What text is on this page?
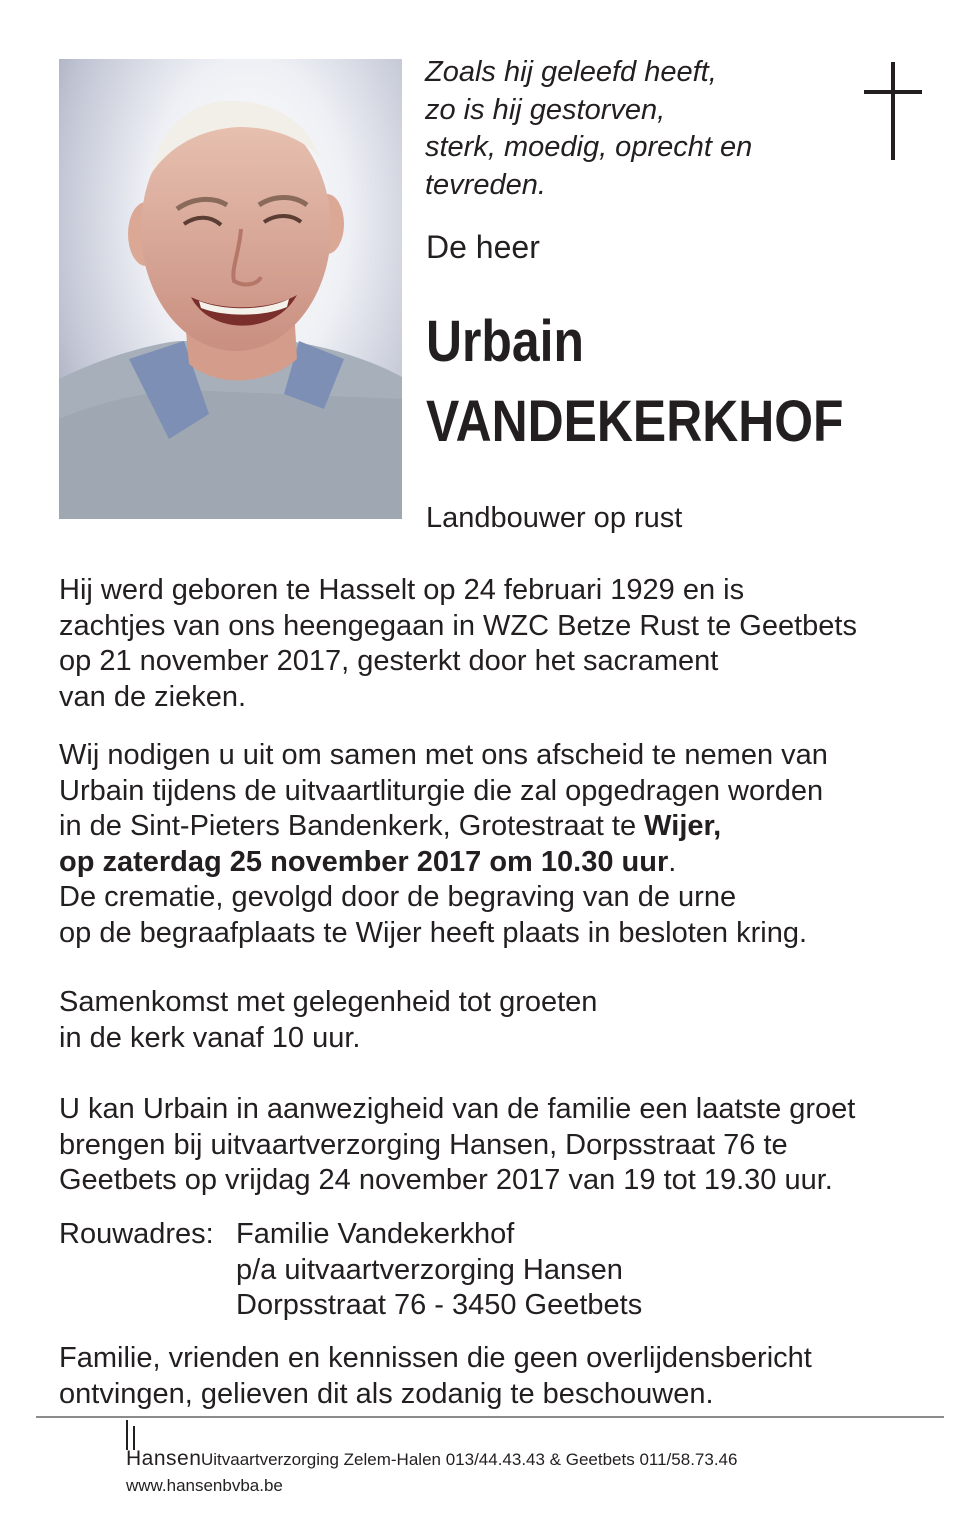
Zoals hij geleefd heeft,
zo is hij gestorven,
sterk, moedig, oprecht en
tevreden.

De heer

Urbain

VANDEKERKHOF

Landbouwer op rust

Hij werd geboren te Hasselt op 24 februari 1929 en is
zachtjes van ons heengegaan in WZC Betze Rust te Geetbets
op 21 november 2017, gesterkt door het sacrament
van de zieken.
Wij nodigen u uit om samen met ons afscheid te nemen van
Urbain tijdens de uitvaartliturgie die zal opgedragen worden
in de Sint-Pieters Bandenkerk, Grotestraat te Wijer,
op zaterdag 25 november 2017 om 10.30 uur.
De crematie, gevolgd door de begraving van de urne
op de begraafplaats te Wijer heeft plaats in besloten kring.
Samenkomst met gelegenheid tot groeten
in de kerk vanaf 10 uur.
U kan Urbain in aanwezigheid van de familie een laatste groet
brengen bij uitvaartverzorging Hansen, Dorpsstraat 76 te
Geetbets op vrijdag 24 november 2017 van 19 tot 19.30 uur.
Rouwadres: Familie Vandekerkhof
p/a uitvaartverzorging Hansen
Dorpsstraat 76 - 3450 Geetbets
Familie, vrienden en kennissen die geen overlijdensbericht
ontvingen, gelieven dit als zodanig te beschouwen.
Hansen Uitvaartverzorging Zelem-Halen 013/44.43.43 & Geetbets 011/58.73.46
www.hansenbvba.be
